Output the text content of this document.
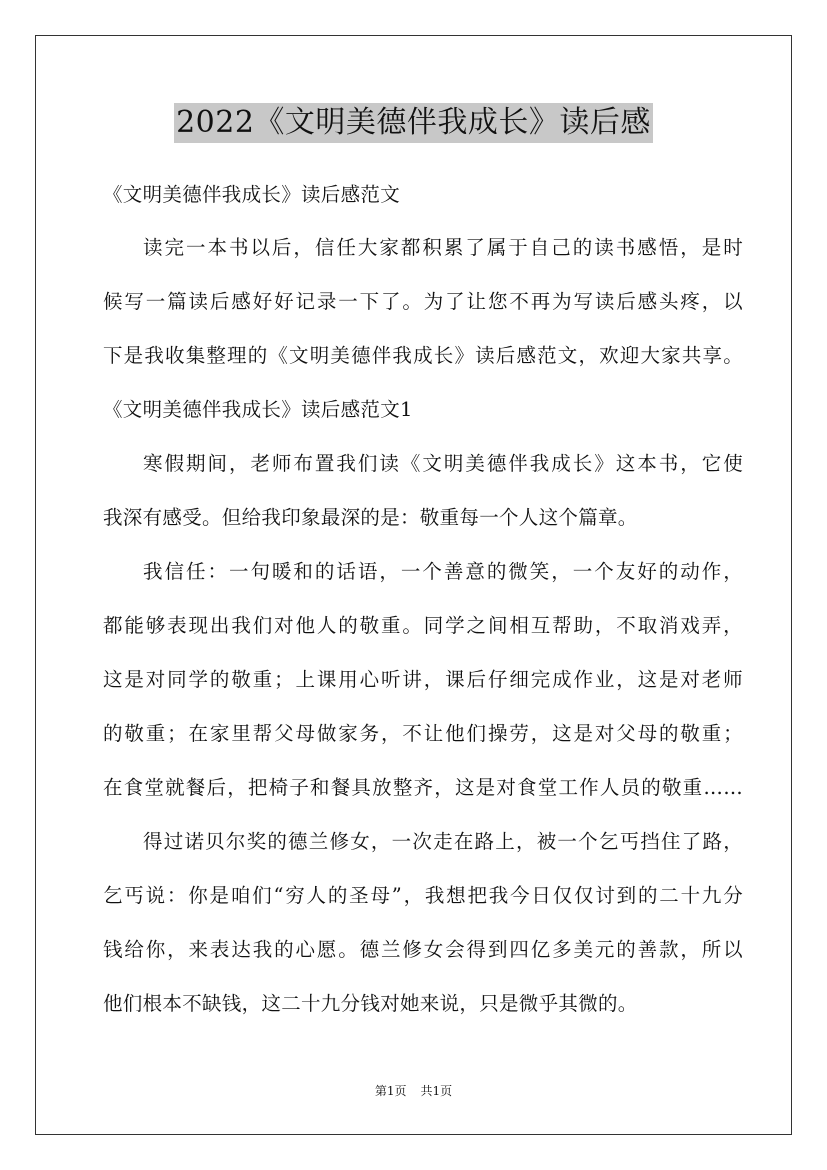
2022《文明美德伴我成长》读后感
《文明美德伴我成长》读后感范文
读完一本书以后，信任大家都积累了属于自己的读书感悟，是时
候写一篇读后感好好记录一下了。为了让您不再为写读后感头疼，以
下是我收集整理的《文明美德伴我成长》读后感范文，欢迎大家共享。
《文明美德伴我成长》读后感范文1
寒假期间，老师布置我们读《文明美德伴我成长》这本书，它使
我深有感受。但给我印象最深的是：敬重每一个人这个篇章。
我信任：一句暖和的话语，一个善意的微笑，一个友好的动作，
都能够表现出我们对他人的敬重。同学之间相互帮助，不取消戏弄，
这是对同学的敬重；上课用心听讲，课后仔细完成作业，这是对老师
的敬重；在家里帮父母做家务，不让他们操劳，这是对父母的敬重；
在食堂就餐后，把椅子和餐具放整齐，这是对食堂工作人员的敬重……
得过诺贝尔奖的德兰修女，一次走在路上，被一个乞丐挡住了路，
乞丐说：你是咱们“穷人的圣母”，我想把我今日仅仅讨到的二十九分
钱给你，来表达我的心愿。德兰修女会得到四亿多美元的善款，所以
他们根本不缺钱，这二十九分钱对她来说，只是微乎其微的。
第1页 共1页
